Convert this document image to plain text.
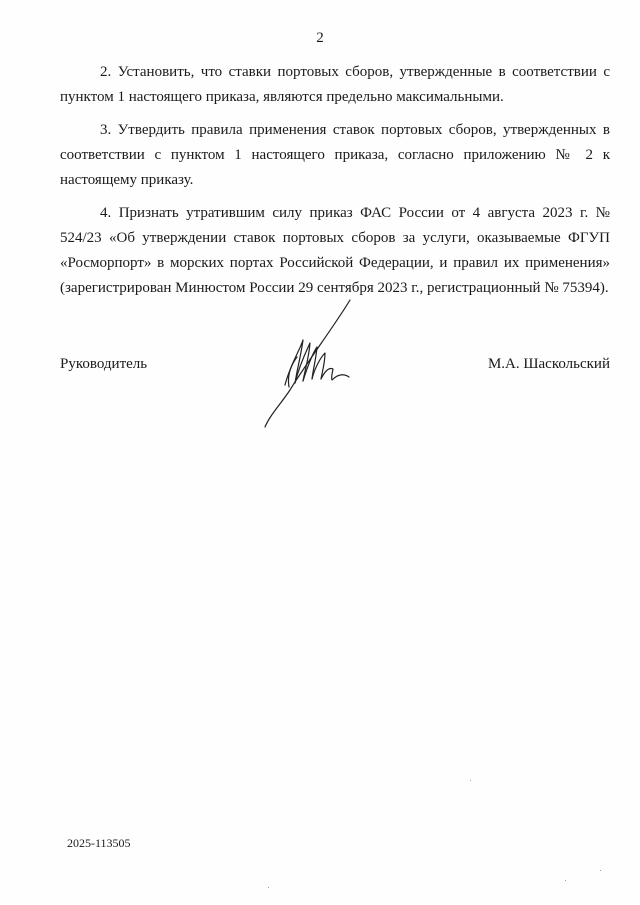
2

2. Установить, что ставки портовых сборов, утвержденные в соответствии с пунктом 1 настоящего приказа, являются предельно максимальными.

3. Утвердить правила применения ставок портовых сборов, утвержденных в соответствии с пунктом 1 настоящего приказа, согласно приложению № 2 к настоящему приказу.

4. Признать утратившим силу приказ ФАС России от 4 августа 2023 г. № 524/23 «Об утверждении ставок портовых сборов за услуги, оказываемые ФГУП «Росморпорт» в морских портах Российской Федерации, и правил их применения» (зарегистрирован Минюстом России 29 сентября 2023 г., регистрационный № 75394).

Руководитель	М.А. Шаскольский
2025-113505
